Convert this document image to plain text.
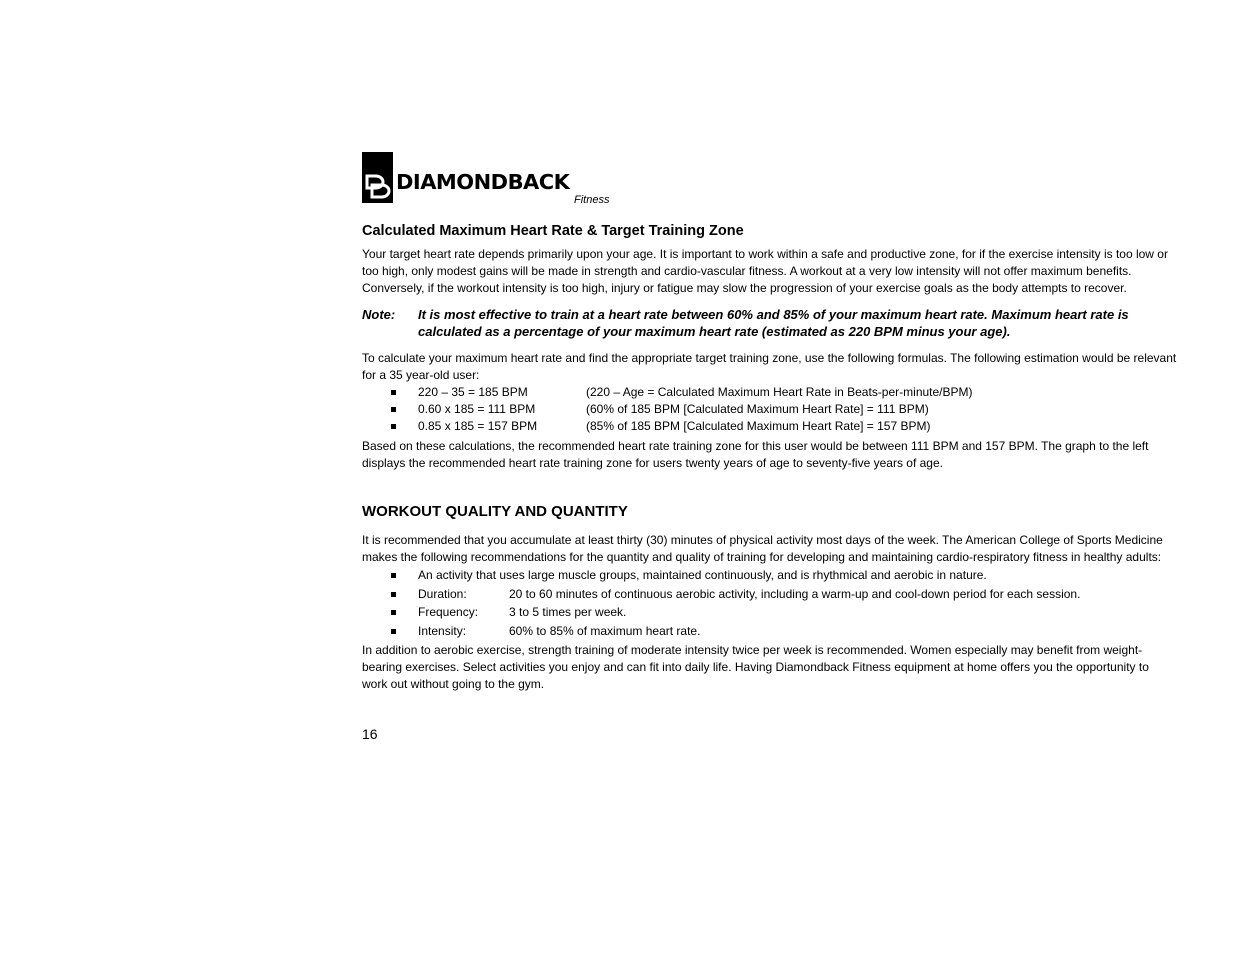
DIAMONDBACK
Fitness
Calculated Maximum Heart Rate & Target Training Zone

Your target heart rate depends primarily upon your age. It is important to work within a safe and productive zone, for if the exercise intensity is too low or too high, only modest gains will be made in strength and cardio-vascular fitness. A workout at a very low intensity will not offer maximum benefits. Conversely, if the workout intensity is too high, injury or fatigue may slow the progression of your exercise goals as the body attempts to recover.

Note:	It is most effective to train at a heart rate between 60% and 85% of your maximum heart rate. Maximum heart rate is calculated as a percentage of your maximum heart rate (estimated as 220 BPM minus your age).

To calculate your maximum heart rate and find the appropriate target training zone, use the following formulas. The following estimation would be relevant for a 35 year-old user:

220 – 35 = 185 BPM	(220 – Age = Calculated Maximum Heart Rate in Beats-per-minute/BPM)
0.60 x 185 = 111 BPM	(60% of 185 BPM [Calculated Maximum Heart Rate] = 111 BPM)
0.85 x 185 = 157 BPM	(85% of 185 BPM [Calculated Maximum Heart Rate] = 157 BPM)

Based on these calculations, the recommended heart rate training zone for this user would be between 111 BPM and 157 BPM. The graph to the left displays the recommended heart rate training zone for users twenty years of age to seventy-five years of age.

WORKOUT QUALITY AND QUANTITY

It is recommended that you accumulate at least thirty (30) minutes of physical activity most days of the week. The American College of Sports Medicine makes the following recommendations for the quantity and quality of training for developing and maintaining cardio-respiratory fitness in healthy adults:

An activity that uses large muscle groups, maintained continuously, and is rhythmical and aerobic in nature.
Duration:	20 to 60 minutes of continuous aerobic activity, including a warm-up and cool-down period for each session.
Frequency:	3 to 5 times per week.
Intensity:	60% to 85% of maximum heart rate.

In addition to aerobic exercise, strength training of moderate intensity twice per week is recommended. Women especially may benefit from weight-bearing exercises. Select activities you enjoy and can fit into daily life. Having Diamondback Fitness equipment at home offers you the opportunity to work out without going to the gym.

16
